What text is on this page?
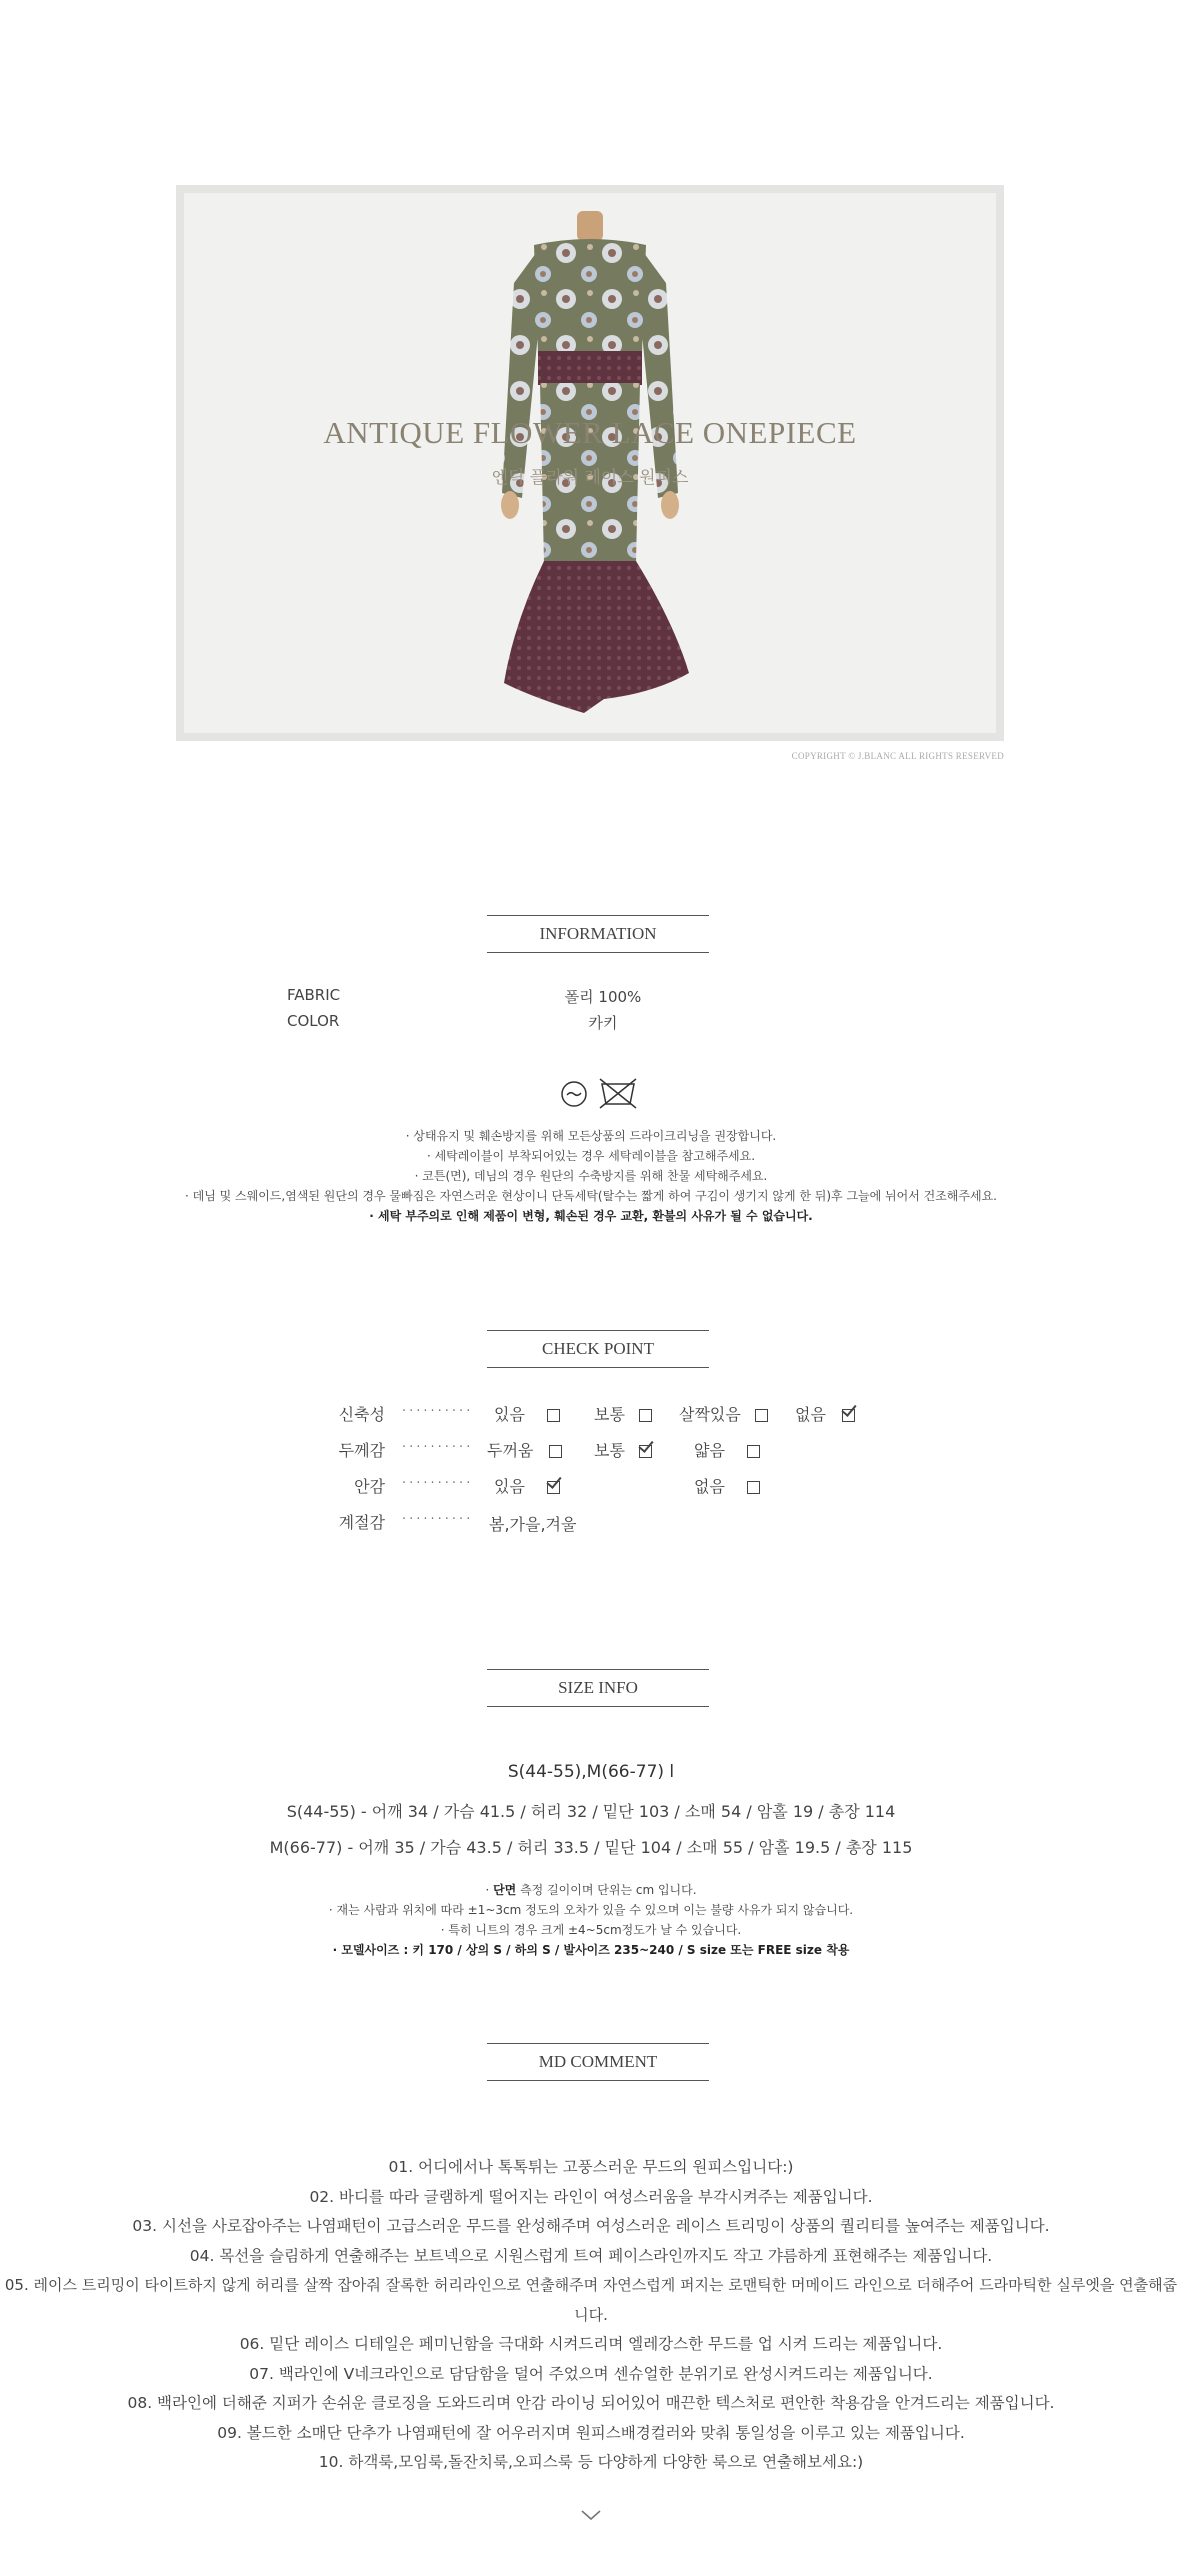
ANTIQUE FLOWER LACE ONEPIECE
엔틱 플라워 레이스 원피스
COPYRIGHT © J.BLANC ALL RIGHTS RESERVED
INFORMATION
FABRIC	폴리 100%
COLOR	카키
· 상태유지 및 훼손방지를 위해 모든상품의 드라이크리닝을 권장합니다.
· 세탁레이블이 부착되어있는 경우 세탁레이블을 참고해주세요.
· 코튼(면), 데님의 경우 원단의 수축방지를 위해 찬물 세탁해주세요.
· 데님 및 스웨이드,염색된 원단의 경우 물빠짐은 자연스러운 현상이니 단독세탁(탈수는 짧게 하여 구김이 생기지 않게 한 뒤)후 그늘에 뉘어서 건조해주세요.
· 세탁 부주의로 인해 제품이 변형, 훼손된 경우 교환, 환불의 사유가 될 수 없습니다.
CHECK POINT
신축성 ·········· 있음	보통	살짝있음	없음
두께감 ·········· 두꺼움	보통	얇음
안감 ·········· 있음	없음
계절감 ·········· 봄,가을,겨울
SIZE INFO
S(44-55),M(66-77) l
S(44-55) - 어깨 34 / 가슴 41.5 / 허리 32 / 밑단 103 / 소매 54 / 암홀 19 / 총장 114
M(66-77) - 어깨 35 / 가슴 43.5 / 허리 33.5 / 밑단 104 / 소매 55 / 암홀 19.5 / 총장 115
· 단면 측정 길이이며 단위는 cm 입니다.
· 재는 사람과 위치에 따라 ±1~3cm 정도의 오차가 있을 수 있으며 이는 불량 사유가 되지 않습니다.
· 특히 니트의 경우 크게 ±4~5cm정도가 날 수 있습니다.
· 모델사이즈 : 키 170 / 상의 S / 하의 S / 발사이즈 235~240 / S size 또는 FREE size 착용
MD COMMENT
01. 어디에서나 톡톡튀는 고풍스러운 무드의 원피스입니다:)
02. 바디를 따라 글램하게 떨어지는 라인이 여성스러움을 부각시켜주는 제품입니다.
03. 시선을 사로잡아주는 나염패턴이 고급스러운 무드를 완성해주며 여성스러운 레이스 트리밍이 상품의 퀄리티를 높여주는 제품입니다.
04. 목선을 슬림하게 연출해주는 보트넥으로 시원스럽게 트여 페이스라인까지도 작고 갸름하게 표현해주는 제품입니다.
05. 레이스 트리밍이 타이트하지 않게 허리를 살짝 잡아줘 잘록한 허리라인으로 연출해주며 자연스럽게 퍼지는 로맨틱한 머메이드 라인으로 더해주어 드라마틱한 실루엣을 연출해줍니다.
06. 밑단 레이스 디테일은 페미닌함을 극대화 시켜드리며 엘레강스한 무드를 업 시켜 드리는 제품입니다.
07. 백라인에 V네크라인으로 담담함을 덜어 주었으며 센슈얼한 분위기로 완성시켜드리는 제품입니다.
08. 백라인에 더해준 지퍼가 손쉬운 클로징을 도와드리며 안감 라이닝 되어있어 매끈한 텍스처로 편안한 착용감을 안겨드리는 제품입니다.
09. 볼드한 소매단 단추가 나염패턴에 잘 어우러지며 원피스배경컬러와 맞춰 통일성을 이루고 있는 제품입니다.
10. 하객룩,모임룩,돌잔치룩,오피스룩 등 다양하게 다양한 룩으로 연출해보세요:)
